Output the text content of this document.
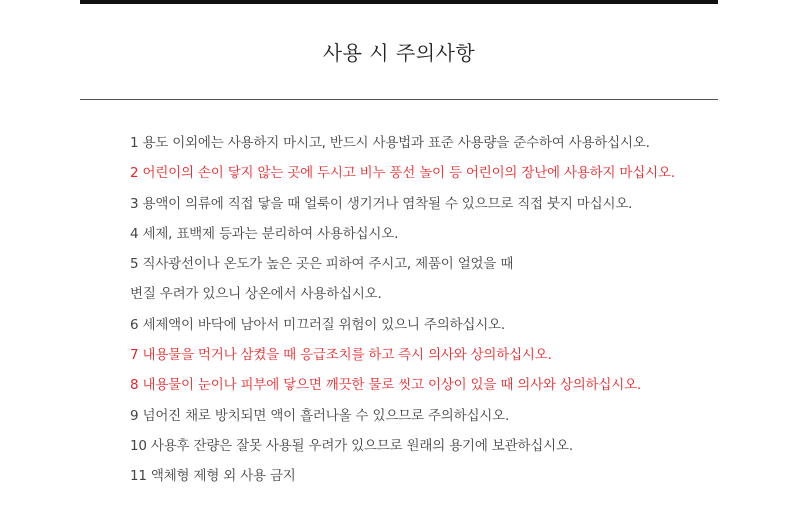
사용 시 주의사항
1 용도 이외에는 사용하지 마시고, 반드시 사용법과 표준 사용량을 준수하여 사용하십시오.
2 어린이의 손이 닿지 않는 곳에 두시고 비누 풍선 놀이 등 어린이의 장난에 사용하지 마십시오.
3 용액이 의류에 직접 닿을 때 얼룩이 생기거나 염착될 수 있으므로 직접 붓지 마십시오.
4 세제, 표백제 등과는 분리하여 사용하십시오.
5 직사광선이나 온도가 높은 곳은 피하여 주시고, 제품이 얼었을 때
변질 우려가 있으니 상온에서 사용하십시오.
6 세제액이 바닥에 남아서 미끄러질 위험이 있으니 주의하십시오.
7 내용물을 먹거나 삼켰을 때 응급조치를 하고 즉시 의사와 상의하십시오.
8 내용물이 눈이나 피부에 닿으면 깨끗한 물로 씻고 이상이 있을 때 의사와 상의하십시오.
9 넘어진 채로 방치되면 액이 흘러나올 수 있으므로 주의하십시오.
10 사용후 잔량은 잘못 사용될 우려가 있으므로 원래의 용기에 보관하십시오.
11 액체형 제형 외 사용 금지
